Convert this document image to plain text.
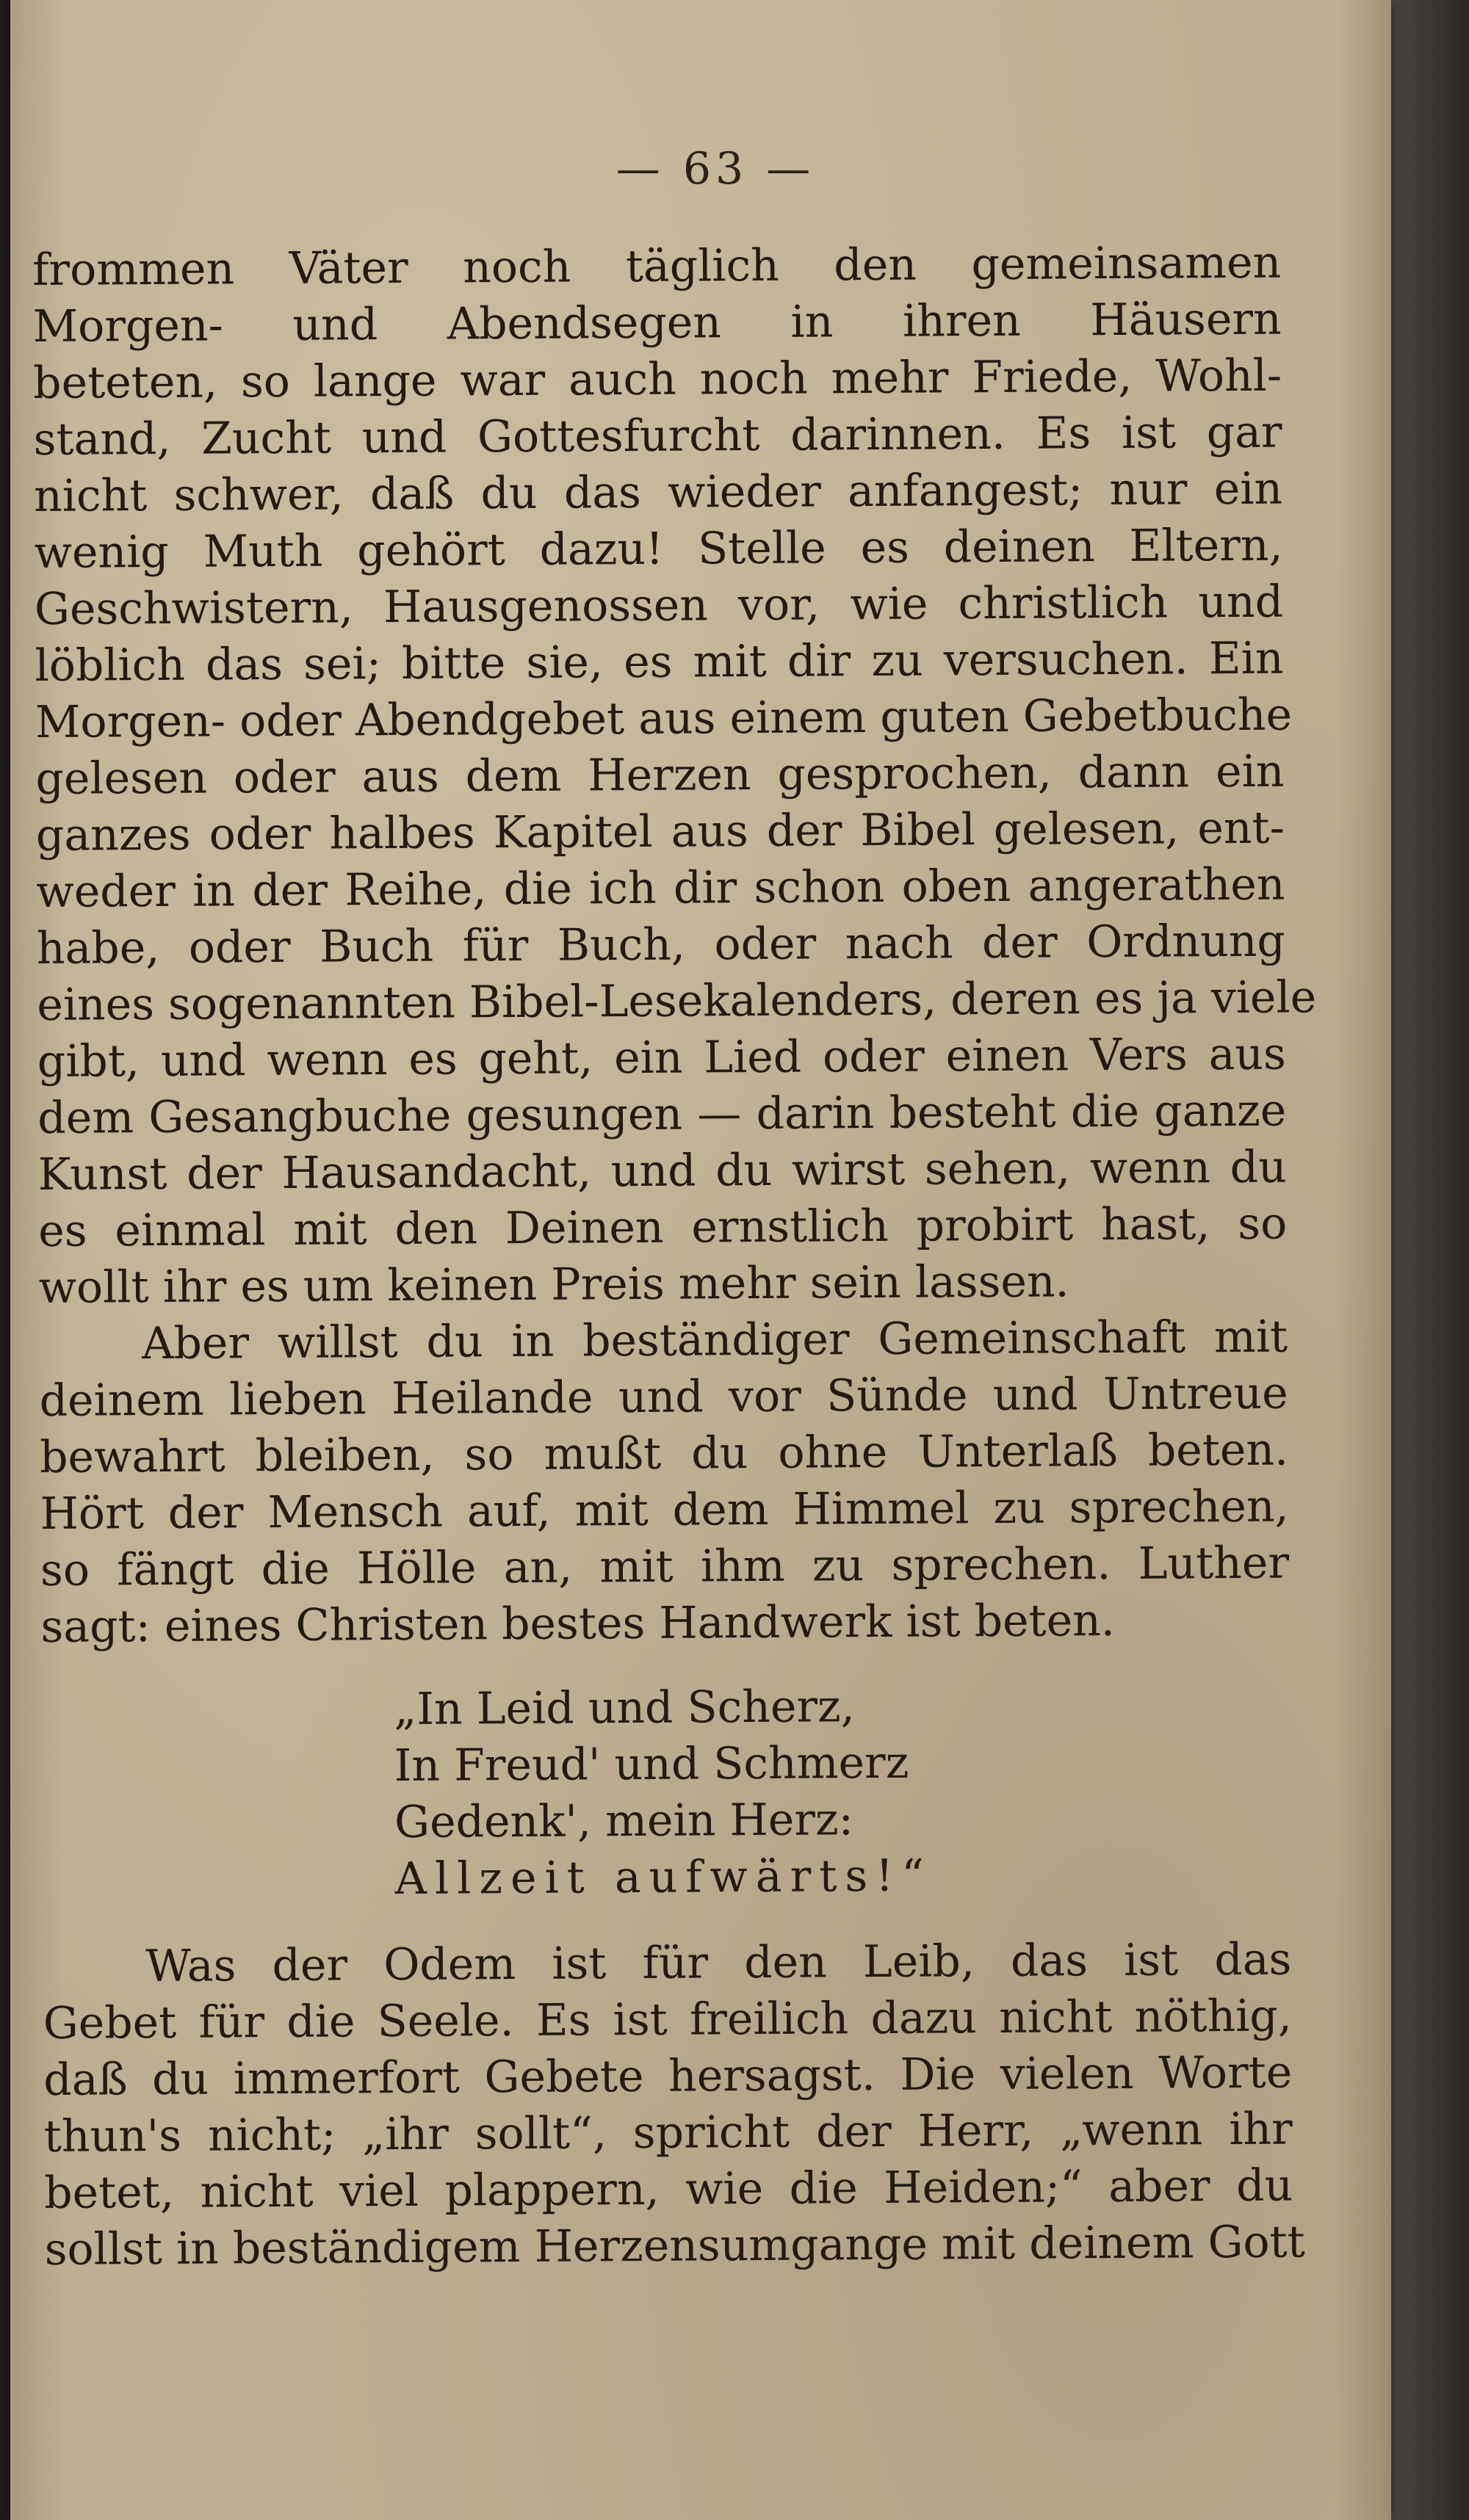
— 63 —
frommen Väter noch täglich den gemeinsamen
Morgen- und Abendsegen in ihren Häusern
beteten, so lange war auch noch mehr Friede, Wohl-
stand, Zucht und Gottesfurcht darinnen. Es ist gar
nicht schwer, daß du das wieder anfangest; nur ein
wenig Muth gehört dazu! Stelle es deinen Eltern,
Geschwistern, Hausgenossen vor, wie christlich und
löblich das sei; bitte sie, es mit dir zu versuchen. Ein
Morgen- oder Abendgebet aus einem guten Gebetbuche
gelesen oder aus dem Herzen gesprochen, dann ein
ganzes oder halbes Kapitel aus der Bibel gelesen, ent-
weder in der Reihe, die ich dir schon oben angerathen
habe, oder Buch für Buch, oder nach der Ordnung
eines sogenannten Bibel-Lesekalenders, deren es ja viele
gibt, und wenn es geht, ein Lied oder einen Vers aus
dem Gesangbuche gesungen — darin besteht die ganze
Kunst der Hausandacht, und du wirst sehen, wenn du
es einmal mit den Deinen ernstlich probirt hast, so
wollt ihr es um keinen Preis mehr sein lassen.
Aber willst du in beständiger Gemeinschaft mit
deinem lieben Heilande und vor Sünde und Untreue
bewahrt bleiben, so mußt du ohne Unterlaß beten.
Hört der Mensch auf, mit dem Himmel zu sprechen,
so fängt die Hölle an, mit ihm zu sprechen. Luther
sagt: eines Christen bestes Handwerk ist beten.
„In Leid und Scherz,
In Freud' und Schmerz
Gedenk', mein Herz:
Allzeit aufwärts!“
Was der Odem ist für den Leib, das ist das
Gebet für die Seele. Es ist freilich dazu nicht nöthig,
daß du immerfort Gebete hersagst. Die vielen Worte
thun's nicht; „ihr sollt“, spricht der Herr, „wenn ihr
betet, nicht viel plappern, wie die Heiden;“ aber du
sollst in beständigem Herzensumgange mit deinem Gott
